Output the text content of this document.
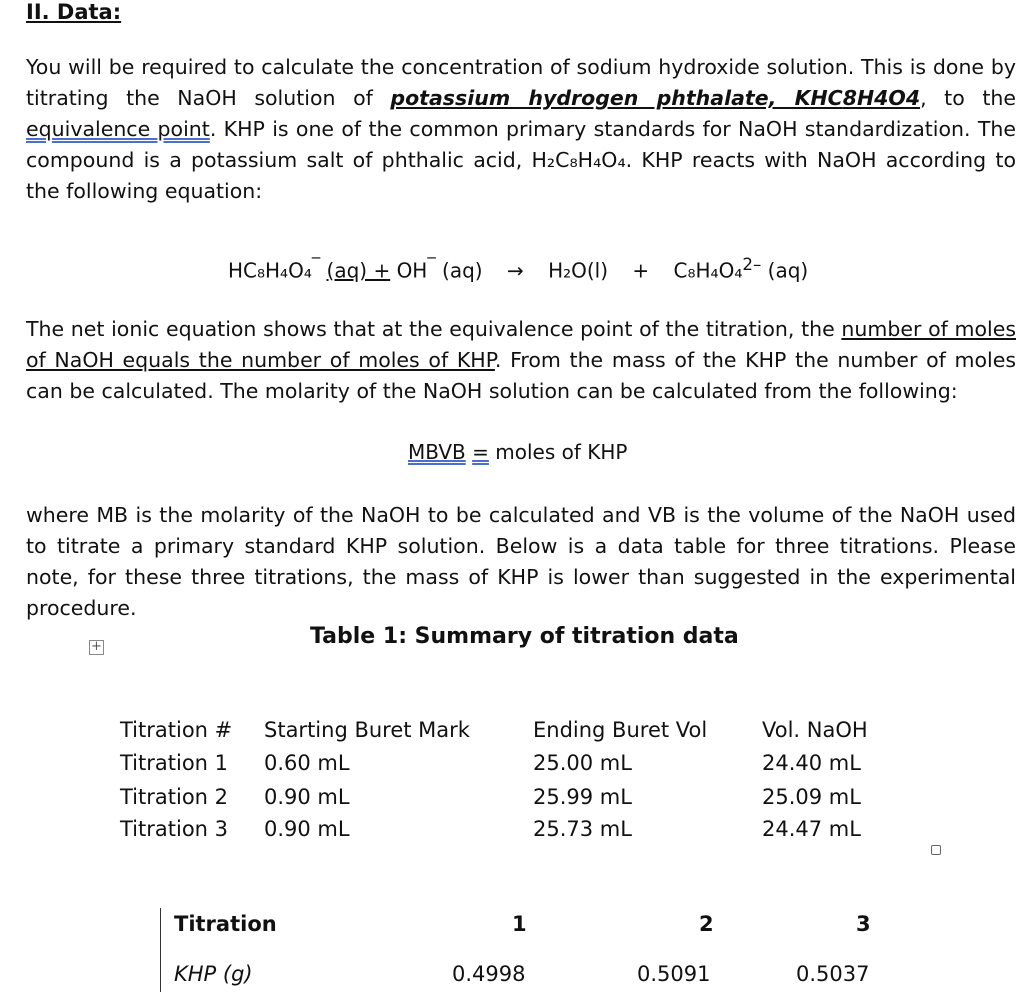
II. Data:
You will be required to calculate the concentration of sodium hydroxide solution. This is done by titrating the NaOH solution of potassium hydrogen phthalate, KHC8H4O4, to the equivalence point. KHP is one of the common primary standards for NaOH standardization. The compound is a potassium salt of phthalic acid, H₂C₈H₄O₄. KHP reacts with NaOH according to the following equation:
HC₈H₄O₄‾ (aq) + OH‾ (aq) → H₂O(l) + C₈H₄O₄$^{2-}$ (aq)
The net ionic equation shows that at the equivalence point of the titration, the number of moles of NaOH equals the number of moles of KHP. From the mass of the KHP the number of moles can be calculated. The molarity of the NaOH solution can be calculated from the following:
MBVB = moles of KHP
where MB is the molarity of the NaOH to be calculated and VB is the volume of the NaOH used to titrate a primary standard KHP solution. Below is a data table for three titrations. Please note, for these three titrations, the mass of KHP is lower than suggested in the experimental procedure.
+	Table 1: Summary of titration data
Titration # Starting Buret Mark	Ending Buret Vol	Vol. NaOH
Titration 1 0.60 mL	25.00 mL	24.40 mL
Titration 2 0.90 mL	25.99 mL	25.09 mL
Titration 3 0.90 mL	25.73 mL	24.47 mL
Titration	1	2	3
KHP (g)	0.4998	0.5091	0.5037
